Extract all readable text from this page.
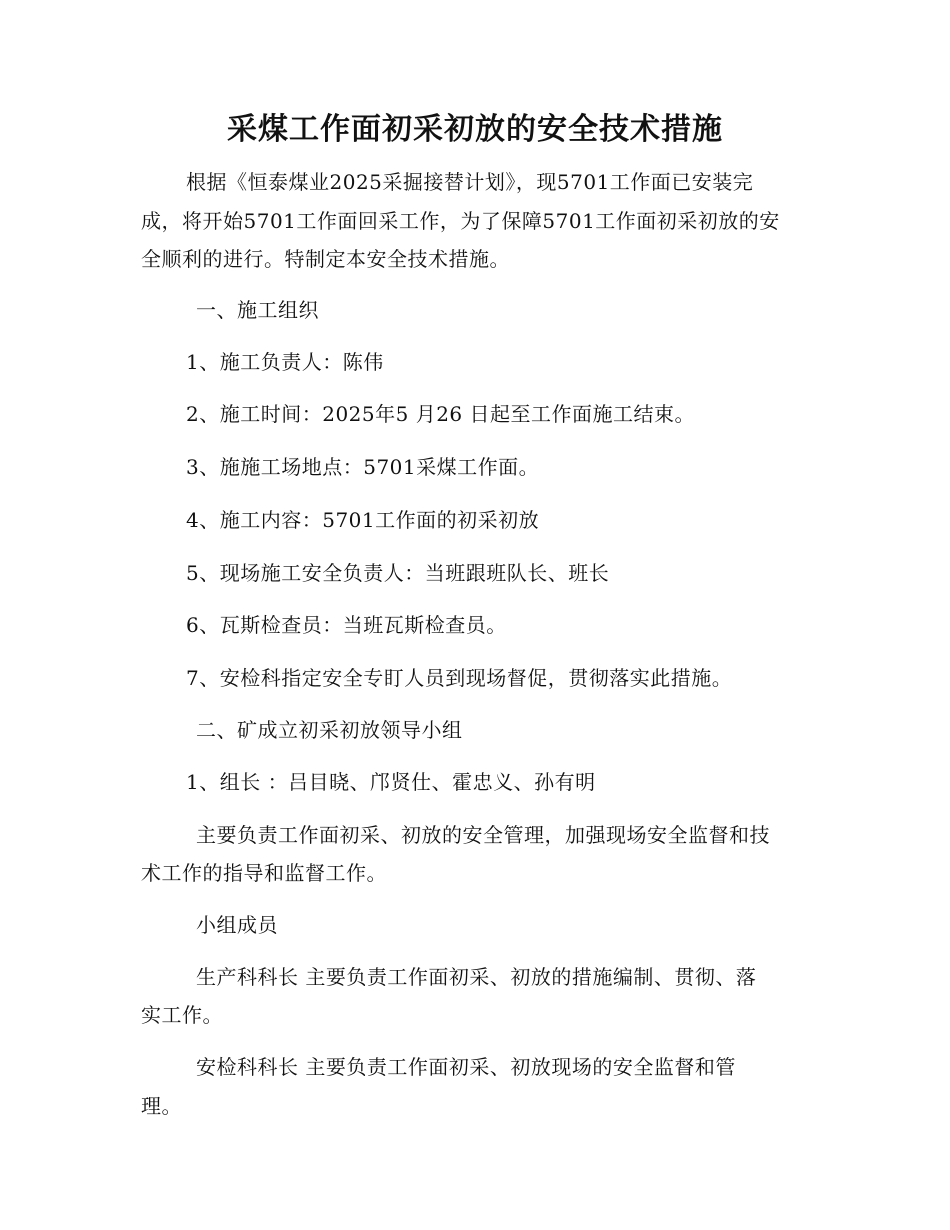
采煤工作面初采初放的安全技术措施
根据《恒泰煤业2025采掘接替计划》，现5701工作面已安装完
成，将开始5701工作面回采工作，为了保障5701工作面初采初放的安
全顺利的进行。特制定本安全技术措施。
一、施工组织
1、施工负责人：陈伟
2、施工时间：2025年5 月26 日起至工作面施工结束。
3、施施工场地点：5701采煤工作面。
4、施工内容：5701工作面的初采初放
5、现场施工安全负责人：当班跟班队长、班长
6、瓦斯检查员：当班瓦斯检查员。
7、安检科指定安全专盯人员到现场督促，贯彻落实此措施。
二、矿成立初采初放领导小组
1、组长 ：吕目晓、邝贤仕、霍忠义、孙有明
主要负责工作面初采、初放的安全管理，加强现场安全监督和技
术工作的指导和监督工作。
小组成员
生产科科长 主要负责工作面初采、初放的措施编制、贯彻、落
实工作。
安检科科长 主要负责工作面初采、初放现场的安全监督和管
理。
